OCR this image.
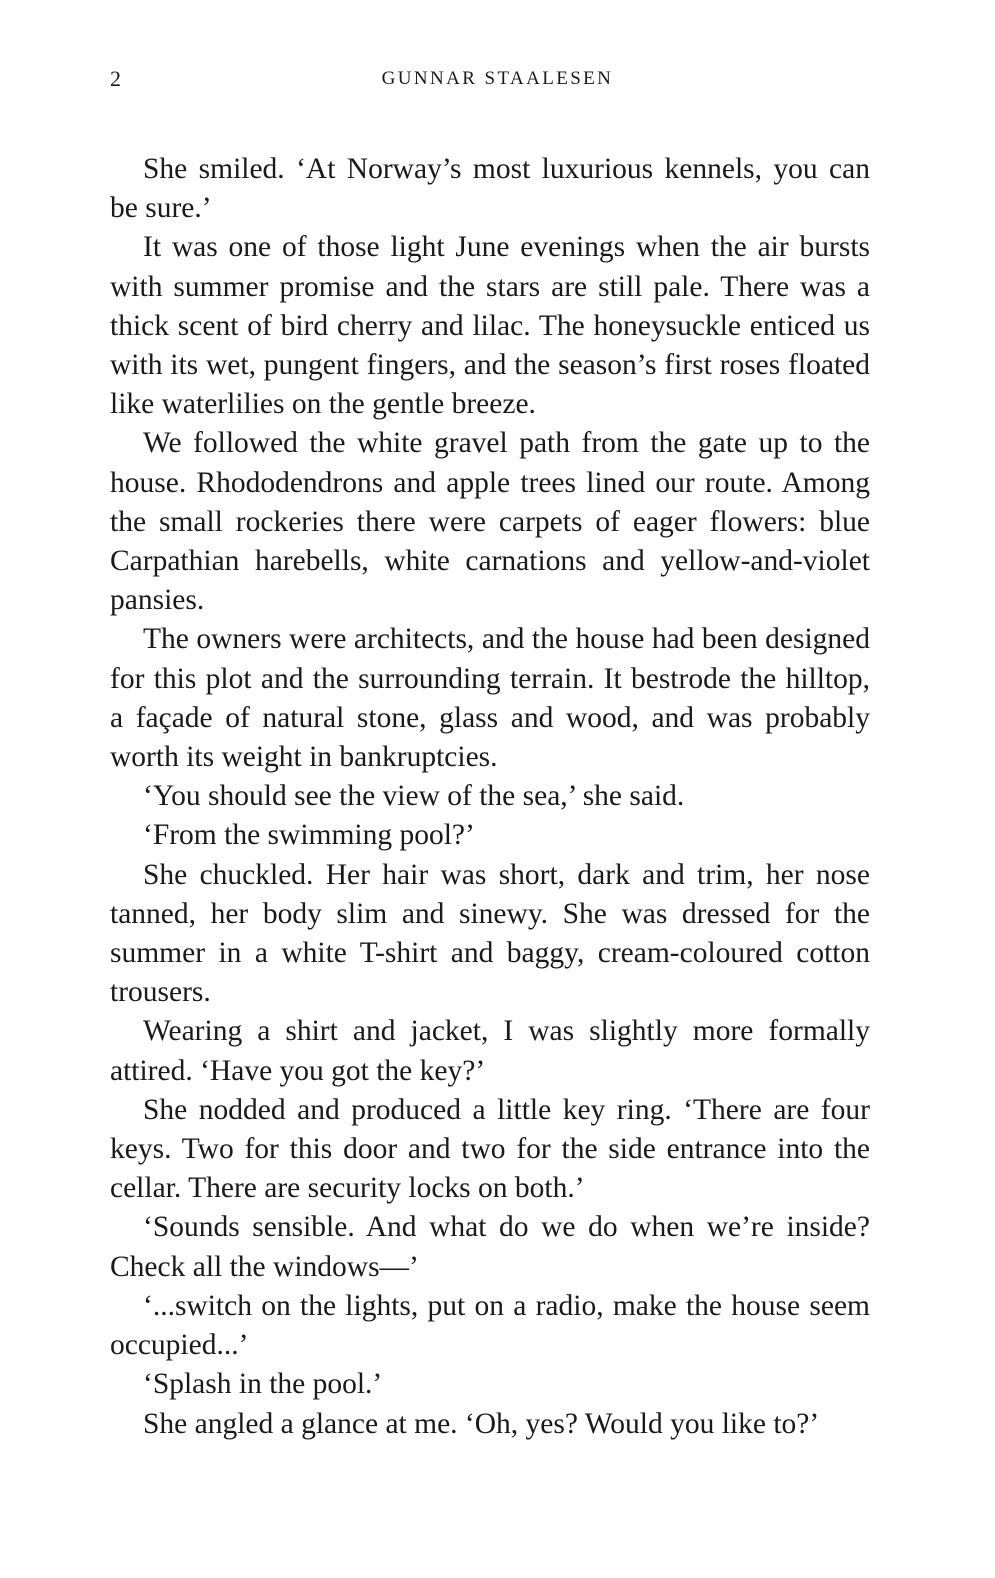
2	GUNNAR STAALESEN

She smiled. ‘At Norway’s most luxurious kennels, you can be sure.’

It was one of those light June evenings when the air bursts with summer promise and the stars are still pale. There was a thick scent of bird cherry and lilac. The honeysuckle enticed us with its wet, pungent fingers, and the season’s first roses floated like waterlilies on the gentle breeze.

We followed the white gravel path from the gate up to the house. Rhododendrons and apple trees lined our route. Among the small rockeries there were carpets of eager flowers: blue Carpathian harebells, white carnations and yellow-and-violet pansies.

The owners were architects, and the house had been designed for this plot and the surrounding terrain. It bestrode the hilltop, a façade of natural stone, glass and wood, and was probably worth its weight in bankruptcies.

‘You should see the view of the sea,’ she said.

‘From the swimming pool?’

She chuckled. Her hair was short, dark and trim, her nose tanned, her body slim and sinewy. She was dressed for the summer in a white T-shirt and baggy, cream-coloured cotton trousers.

Wearing a shirt and jacket, I was slightly more formally attired. ‘Have you got the key?’

She nodded and produced a little key ring. ‘There are four keys. Two for this door and two for the side entrance into the cellar. There are security locks on both.’

‘Sounds sensible. And what do we do when we’re inside? Check all the windows—’

‘...switch on the lights, put on a radio, make the house seem occupied...’

‘Splash in the pool.’

She angled a glance at me. ‘Oh, yes? Would you like to?’
